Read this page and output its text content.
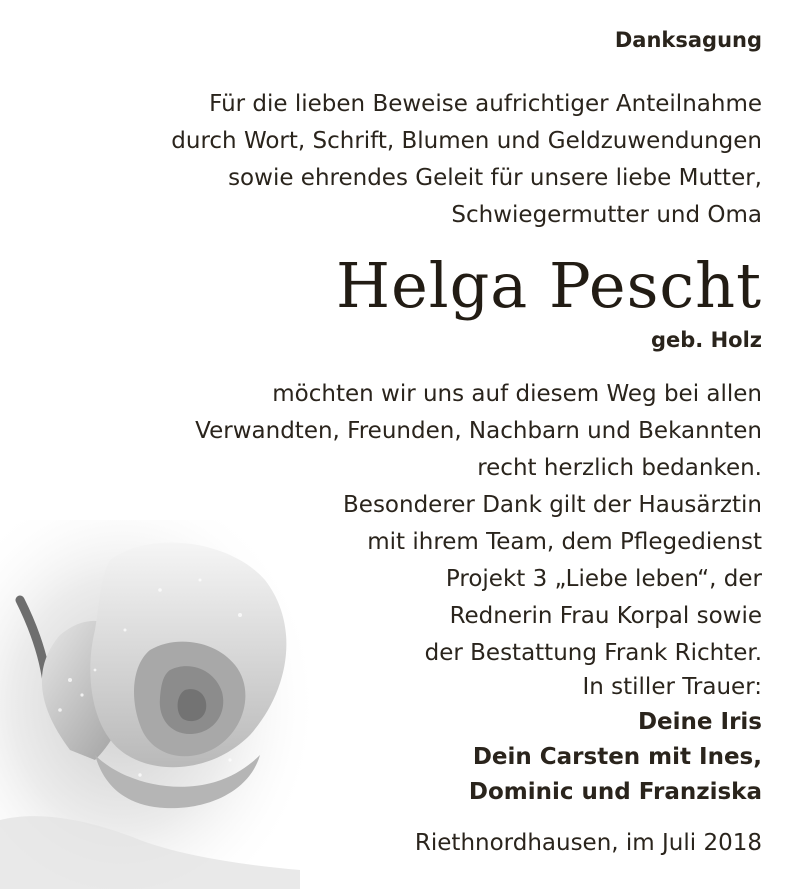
Danksagung
Für die lieben Beweise aufrichtiger Anteilnahme
durch Wort, Schrift, Blumen und Geldzuwendungen
sowie ehrendes Geleit für unsere liebe Mutter,
Schwiegermutter und Oma
Helga Pescht
geb. Holz
möchten wir uns auf diesem Weg bei allen
Verwandten, Freunden, Nachbarn und Bekannten
recht herzlich bedanken.
Besonderer Dank gilt der Hausärztin
mit ihrem Team, dem Pflegedienst
Projekt 3 „Liebe leben“, der
Rednerin Frau Korpal sowie
der Bestattung Frank Richter.
In stiller Trauer:
Deine Iris
Dein Carsten mit Ines,
Dominic und Franziska
Riethnordhausen, im Juli 2018
